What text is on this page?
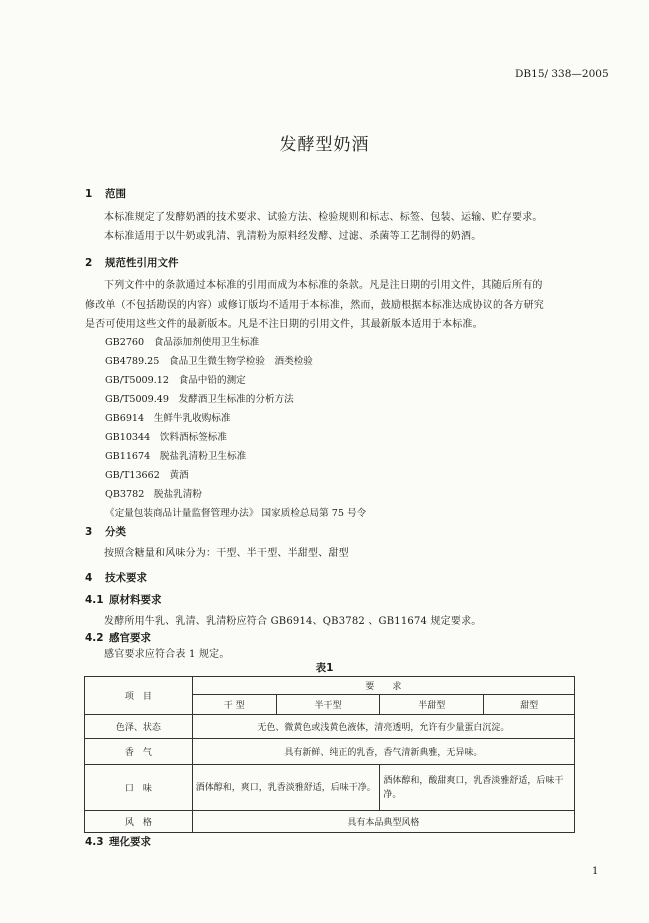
DB15/ 338—2005
发酵型奶酒
1 范围
本标准规定了发酵奶酒的技术要求、试验方法、检验规则和标志、标签、包装、运输、贮存要求。
本标准适用于以牛奶或乳清、乳清粉为原料经发酵、过滤、杀菌等工艺制得的奶酒。
2 规范性引用文件
下列文件中的条款通过本标准的引用而成为本标准的条款。凡是注日期的引用文件，其随后所有的
修改单（不包括勘误的内容）或修订版均不适用于本标准，然而，鼓励根据本标准达成协议的各方研究
是否可使用这些文件的最新版本。凡是不注日期的引用文件，其最新版本适用于本标准。
GB2760　食品添加剂使用卫生标准
GB4789.25　食品卫生微生物学检验　酒类检验
GB/T5009.12　食品中铅的测定
GB/T5009.49　发酵酒卫生标准的分析方法
GB6914　生鲜牛乳收购标准
GB10344　饮料酒标签标准
GB11674　脱盐乳清粉卫生标准
GB/T13662　黄酒
QB3782　脱盐乳清粉
《定量包装商品计量监督管理办法》 国家质检总局第 75 号令
3 分类
按照含糖量和风味分为：干型、半干型、半甜型、甜型
4 技术要求
4.1 原材料要求
发酵所用牛乳、乳清、乳清粉应符合 GB6914、QB3782 、GB11674 规定要求。
4.2 感官要求
感官要求应符合表 1 规定。
表1
项　目	要　　求			
	干 型	半干型	半甜型	甜型
色泽、状态	无色、微黄色或浅黄色液体，清亮透明，允许有少量蛋白沉淀。			
香　气	具有新鲜、纯正的乳香，香气清新典雅，无异味。			
口　味	酒体醇和，爽口，乳香淡雅舒适，后味干净。		酒体醇和，酸甜爽口，乳香淡雅舒适，后味干净。	
风　格	具有本品典型风格			
4.3 理化要求
1
